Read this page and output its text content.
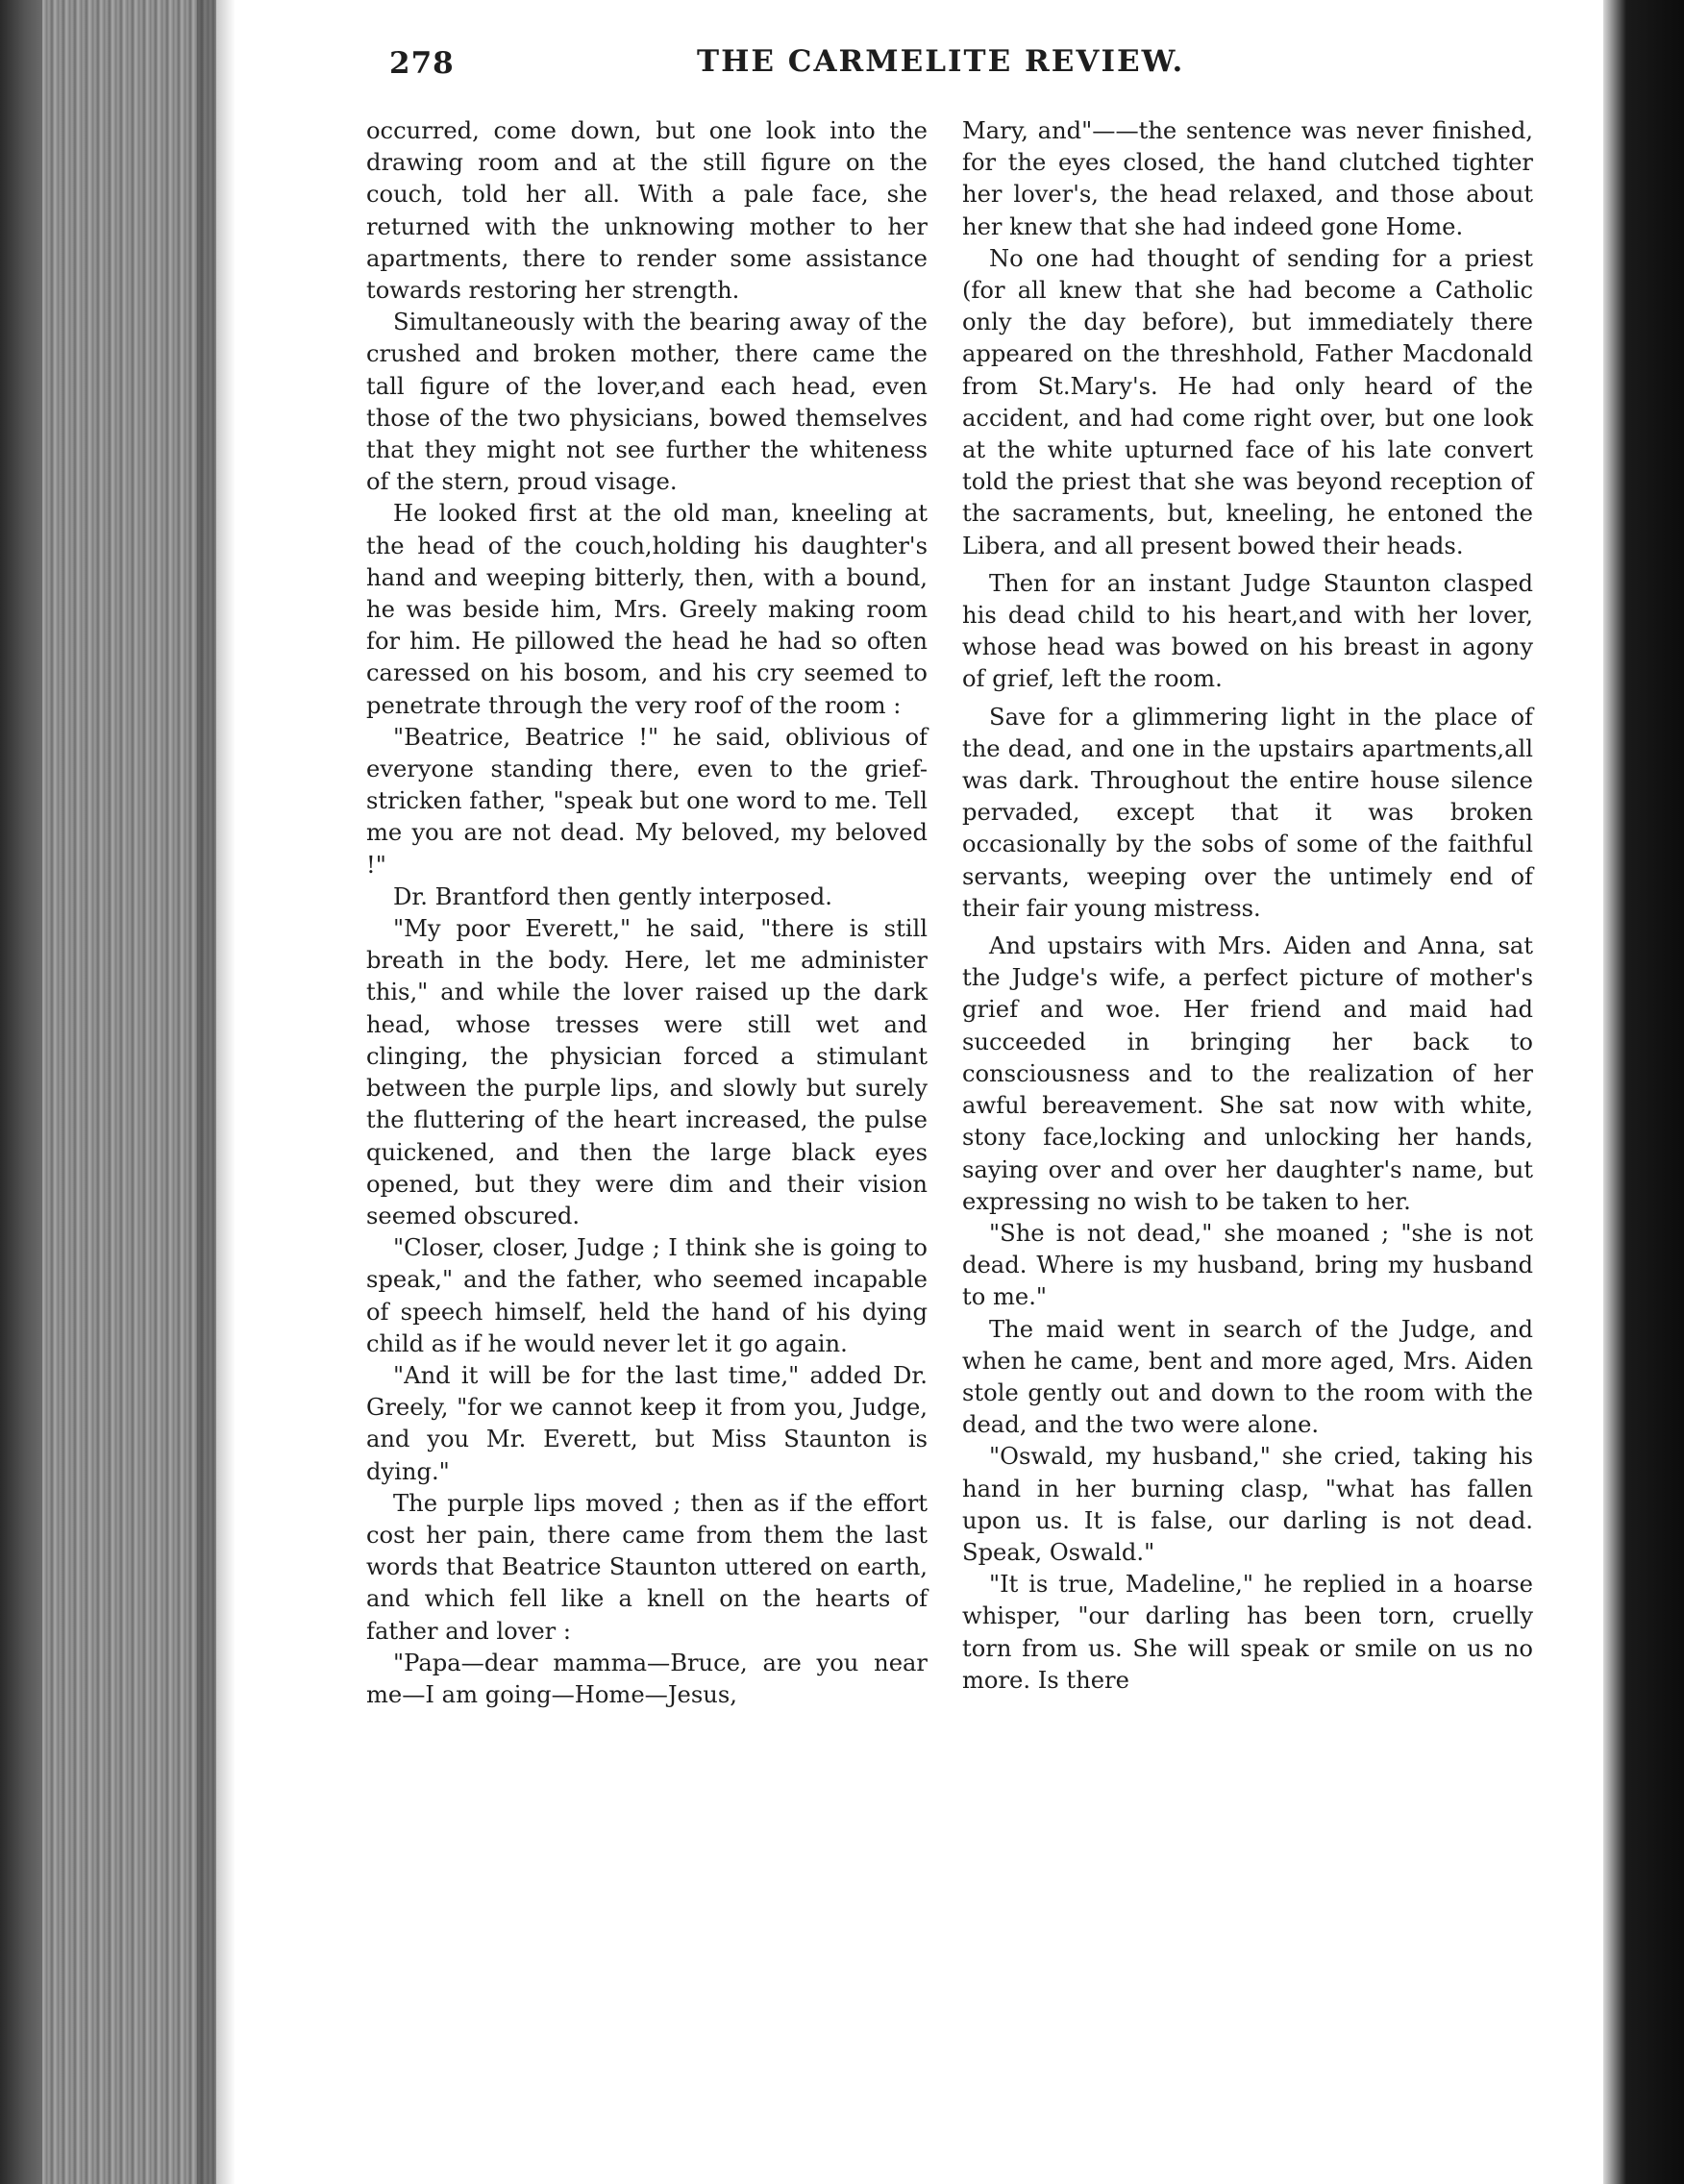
278	THE CARMELITE REVIEW.

occurred, come down, but one look into the drawing room and at the still figure on the couch, told her all. With a pale face, she returned with the unknowing mother to her apartments, there to render some assistance towards restoring her strength.

Simultaneously with the bearing away of the crushed and broken mother, there came the tall figure of the lover,and each head, even those of the two physicians, bowed themselves that they might not see further the whiteness of the stern, proud visage.

He looked first at the old man, kneeling at the head of the couch,holding his daughter's hand and weeping bitterly, then, with a bound, he was beside him, Mrs. Greely making room for him. He pillowed the head he had so often caressed on his bosom, and his cry seemed to penetrate through the very roof of the room :

"Beatrice, Beatrice !" he said, oblivious of everyone standing there, even to the grief-stricken father, "speak but one word to me. Tell me you are not dead. My beloved, my beloved !"

Dr. Brantford then gently interposed.

"My poor Everett," he said, "there is still breath in the body. Here, let me administer this," and while the lover raised up the dark head, whose tresses were still wet and clinging, the physician forced a stimulant between the purple lips, and slowly but surely the fluttering of the heart increased, the pulse quickened, and then the large black eyes opened, but they were dim and their vision seemed obscured.

"Closer, closer, Judge ; I think she is going to speak," and the father, who seemed incapable of speech himself, held the hand of his dying child as if he would never let it go again.

"And it will be for the last time," added Dr. Greely, "for we cannot keep it from you, Judge, and you Mr. Everett, but Miss Staunton is dying."

The purple lips moved ; then as if the effort cost her pain, there came from them the last words that Beatrice Staunton uttered on earth, and which fell like a knell on the hearts of father and lover :

"Papa—dear mamma—Bruce, are you near me—I am going—Home—Jesus,

Mary, and"——the sentence was never finished, for the eyes closed, the hand clutched tighter her lover's, the head relaxed, and those about her knew that she had indeed gone Home.

No one had thought of sending for a priest (for all knew that she had become a Catholic only the day before), but immediately there appeared on the threshhold, Father Macdonald from St.Mary's. He had only heard of the accident, and had come right over, but one look at the white upturned face of his late convert told the priest that she was beyond reception of the sacraments, but, kneeling, he entoned the Libera, and all present bowed their heads.

Then for an instant Judge Staunton clasped his dead child to his heart,and with her lover, whose head was bowed on his breast in agony of grief, left the room.

Save for a glimmering light in the place of the dead, and one in the upstairs apartments,all was dark. Throughout the entire house silence pervaded, except that it was broken occasionally by the sobs of some of the faithful servants, weeping over the untimely end of their fair young mistress.

And upstairs with Mrs. Aiden and Anna, sat the Judge's wife, a perfect picture of mother's grief and woe. Her friend and maid had succeeded in bringing her back to consciousness and to the realization of her awful bereavement. She sat now with white, stony face,locking and unlocking her hands, saying over and over her daughter's name, but expressing no wish to be taken to her.

"She is not dead," she moaned ; "she is not dead. Where is my husband, bring my husband to me."

The maid went in search of the Judge, and when he came, bent and more aged, Mrs. Aiden stole gently out and down to the room with the dead, and the two were alone.

"Oswald, my husband," she cried, taking his hand in her burning clasp, "what has fallen upon us. It is false, our darling is not dead. Speak, Oswald."

"It is true, Madeline," he replied in a hoarse whisper, "our darling has been torn, cruelly torn from us. She will speak or smile on us no more. Is there
